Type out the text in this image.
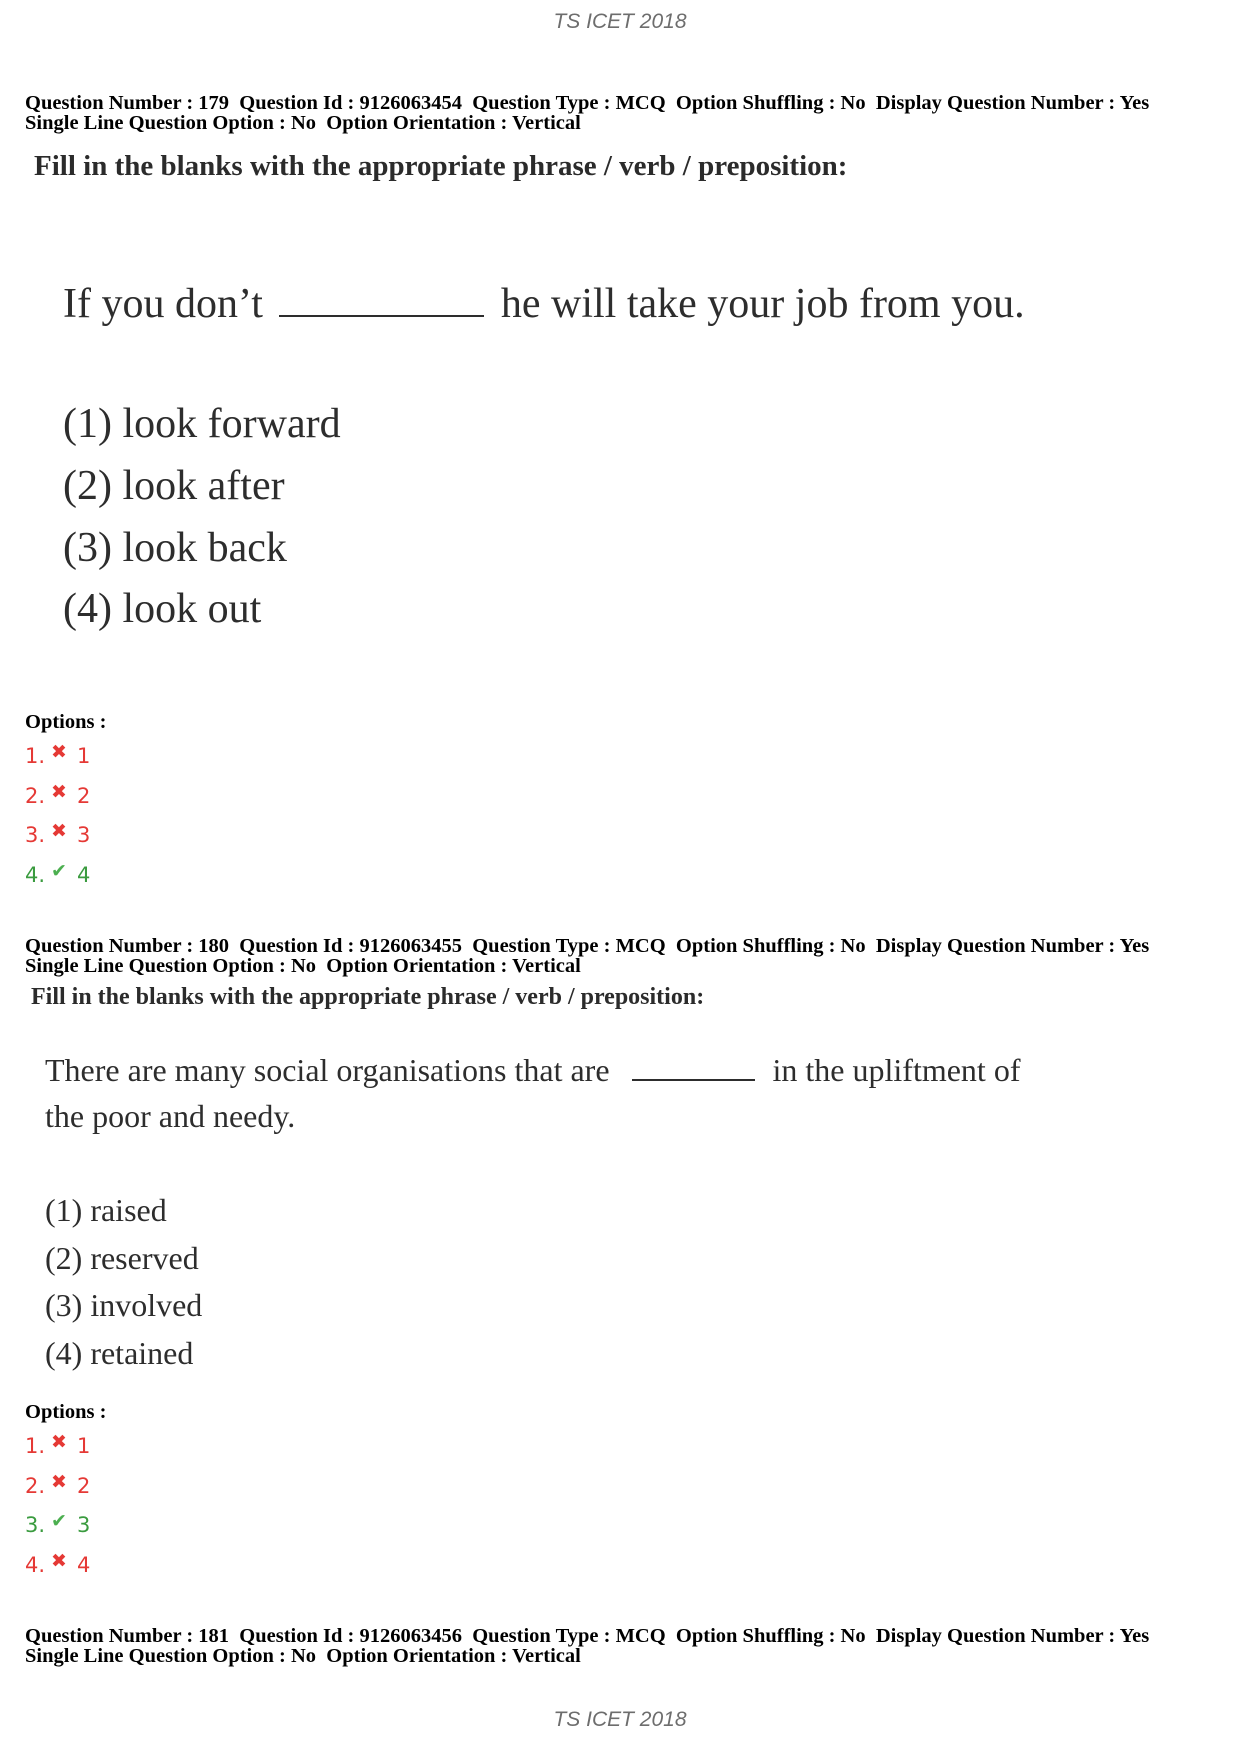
TS ICET 2018
Question Number : 179  Question Id : 9126063454  Question Type : MCQ  Option Shuffling : No  Display Question Number : Yes
Single Line Question Option : No  Option Orientation : Vertical
Fill in the blanks with the appropriate phrase / verb / preposition:
If you don’t	he will take your job from you.
(1) look forward
(2) look after
(3) look back
(4) look out
Options :
1. ✖ 1
2. ✖ 2
3. ✖ 3
4. ✔ 4
Question Number : 180  Question Id : 9126063455  Question Type : MCQ  Option Shuffling : No  Display Question Number : Yes
Single Line Question Option : No  Option Orientation : Vertical
Fill in the blanks with the appropriate phrase / verb / preposition:
There are many social organisations that are	in the upliftment of
the poor and needy.
(1) raised
(2) reserved
(3) involved
(4) retained
Options :
1. ✖ 1
2. ✖ 2
3. ✔ 3
4. ✖ 4
Question Number : 181  Question Id : 9126063456  Question Type : MCQ  Option Shuffling : No  Display Question Number : Yes
Single Line Question Option : No  Option Orientation : Vertical
TS ICET 2018
